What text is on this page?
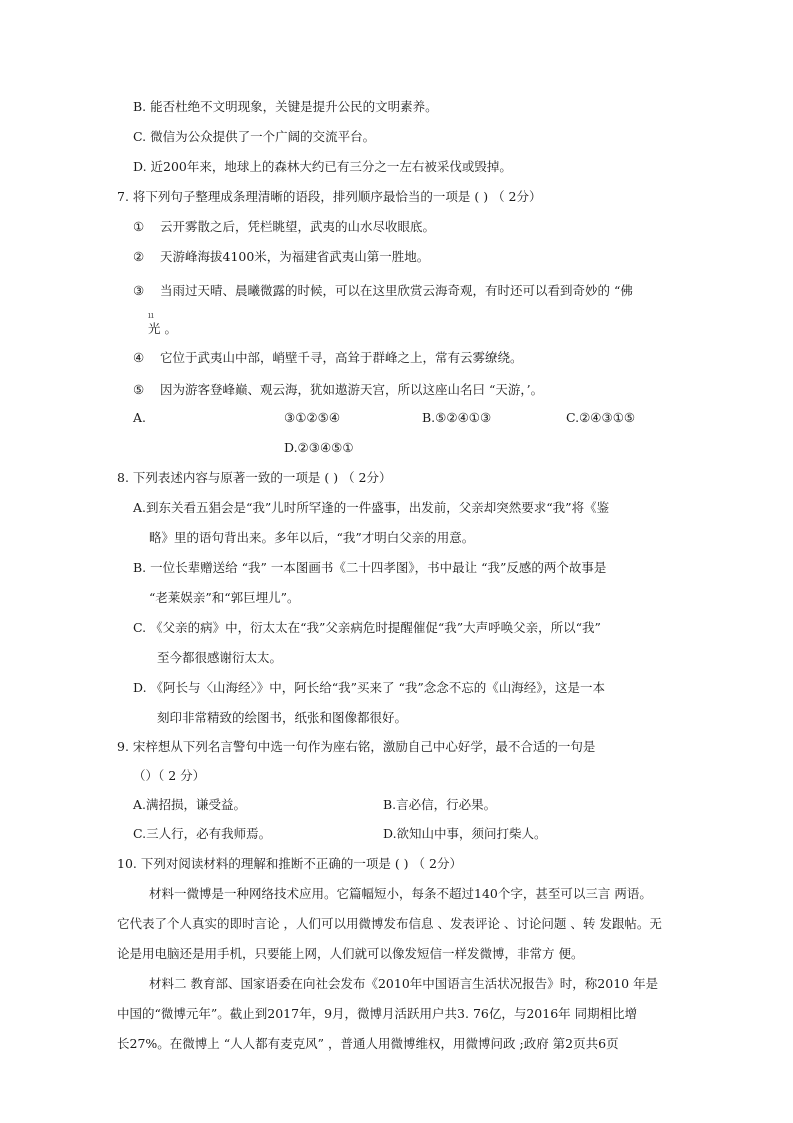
B. 能否杜绝不文明现象，关键是提升公民的文明素养。
C. 微信为公众提供了一个广阔的交流平台。
D. 近200年来，地球上的森林大约已有三分之一左右被采伐或毁掉。
7. 将下列句子整理成条理清晰的语段，排列顺序最恰当的一项是 ( ) （ 2分）
① 云开雾散之后，凭栏眺望，武夷的山水尽收眼底。
② 天游峰海拔4100米，为福建省武夷山第一胜地。
③ 当雨过天晴、晨曦微露的时候，可以在这里欣赏云海奇观，有时还可以看到奇妙的 “佛
ıı
光 。
④ 它位于武夷山中部，峭壁千寻，高耸于群峰之上，常有云雾缭绕。
⑤ 因为游客登峰巅、观云海，犹如遨游天宫，所以这座山名曰 “天游，’。
A.	③①②⑤④	B.⑤②④①③	C.②④③①⑤
D.②③④⑤①
8. 下列表述内容与原著一致的一项是 ( ) （ 2分）
A.到东关看五猖会是“我”儿时所罕逢的一件盛事，出发前，父亲却突然要求“我”将《鉴
略》里的语句背出来。多年以后，“我”才明白父亲的用意。
B. 一位长辈赠送给 “我” 一本图画书《二十四孝图》，书中最让 “我”反感的两个故事是
“老莱娱亲”和“郭巨埋儿”。
C. 《父亲的病》中，衍太太在“我”父亲病危时提醒催促“我”大声呼唤父亲，所以“我”
至今都很感谢衍太太。
D. 《阿长与〈山海经〉》中，阿长给“我”买来了 “我”念念不忘的《山海经》，这是一本
刻印非常精致的绘图书，纸张和图像都很好。
9. 宋梓想从下列名言警句中选一句作为座右铭，激励自己中心好学，最不合适的一句是
（）（ 2 分）
A.满招损，谦受益。	B.言必信，行必果。
C.三人行，必有我师焉。	D.欲知山中事，须问打柴人。
10. 下列对阅读材料的理解和推断不正确的一项是 ( ) （ 2分）
材料一微博是一种网络技术应用。它篇幅短小，每条不超过140个字，甚至可以三言 两语。
它代表了个人真实的即时言论 ，人们可以用微博发布信息 、发表评论 、讨论问题 、转 发跟帖。无
论是用电脑还是用手机，只要能上网，人们就可以像发短信一样发微博，非常方 便。
材料二 教育部、国家语委在向社会发布《2010年中国语言生活状况报告》时，称2010 年是
中国的“微博元年”。截止到2017年，9月，微博月活跃用户共3. 76亿，与2016年 同期相比增
长27%。在微博上 “人人都有麦克风” ，普通人用微博维权，用微博问政 ;政府 第2页共6页
